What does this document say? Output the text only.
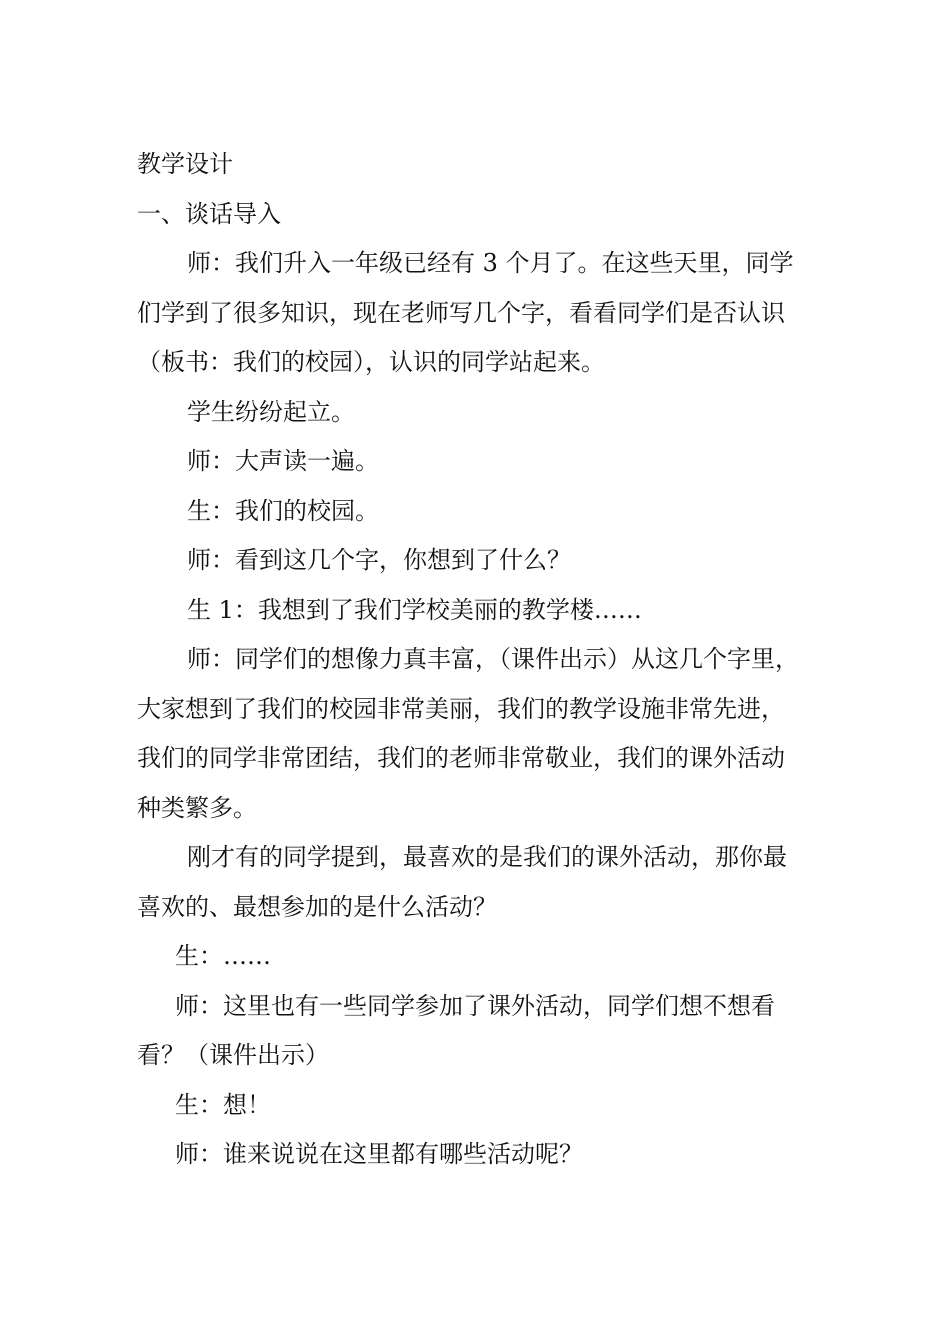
教学设计

一、谈话导入

师：我们升入一年级已经有 3 个月了。在这些天里，同学

们学到了很多知识，现在老师写几个字，看看同学们是否认识

（板书：我们的校园），认识的同学站起来。

学生纷纷起立。

师：大声读一遍。

生：我们的校园。

师：看到这几个字，你想到了什么？

生 1：我想到了我们学校美丽的教学楼……

师：同学们的想像力真丰富，（课件出示）从这几个字里，

大家想到了我们的校园非常美丽，我们的教学设施非常先进，

我们的同学非常团结，我们的老师非常敬业，我们的课外活动

种类繁多。

刚才有的同学提到，最喜欢的是我们的课外活动，那你最

喜欢的、最想参加的是什么活动？

生：……

师：这里也有一些同学参加了课外活动，同学们想不想看

看？（课件出示）

生：想！

师：谁来说说在这里都有哪些活动呢？
